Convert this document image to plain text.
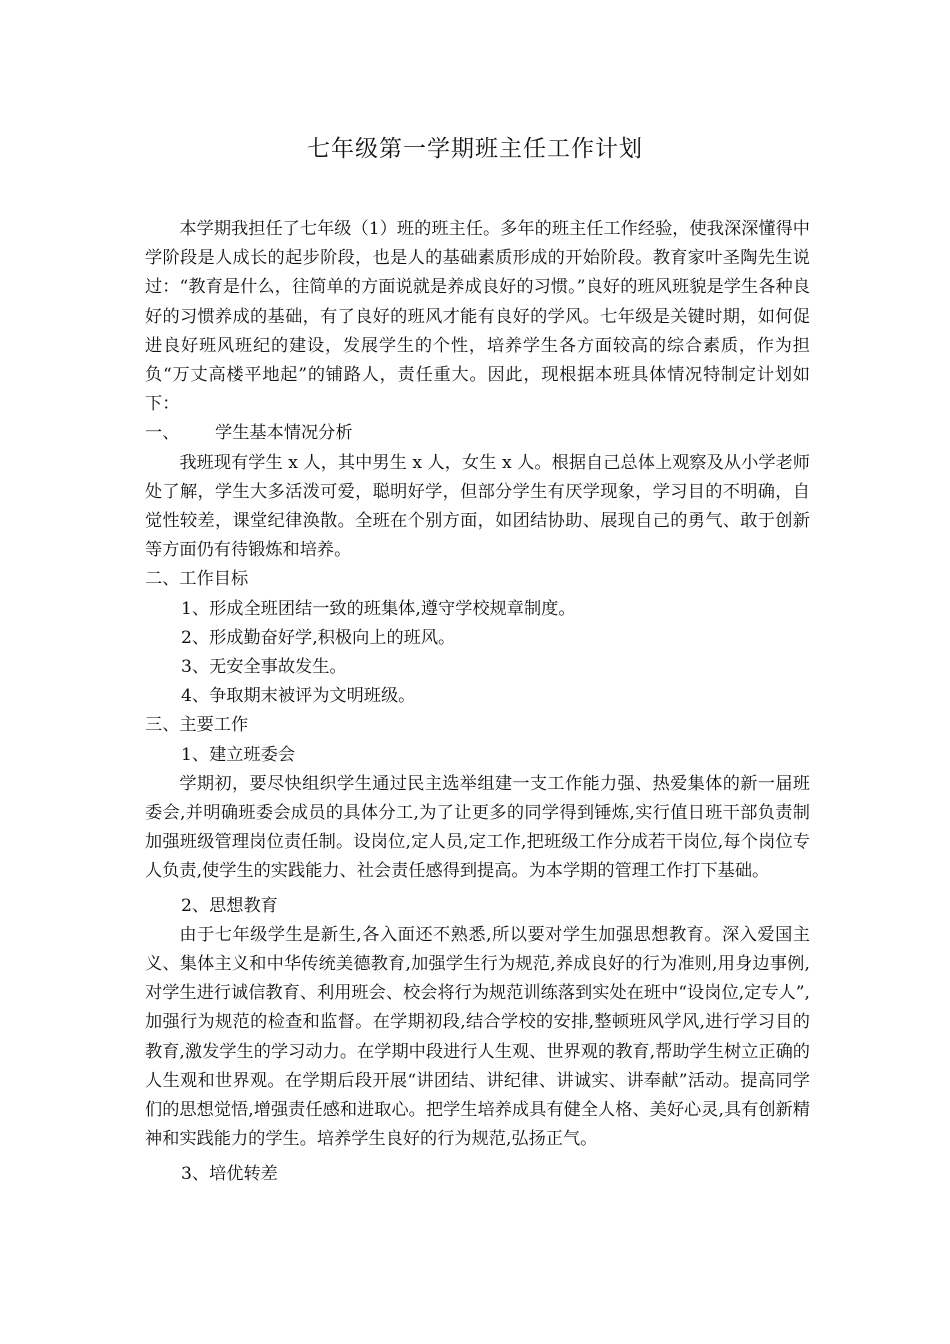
七年级第一学期班主任工作计划

本学期我担任了七年级（1）班的班主任。多年的班主任工作经验，使我深深懂得中学阶段是人成长的起步阶段，也是人的基础素质形成的开始阶段。教育家叶圣陶先生说过：“教育是什么，往简单的方面说就是养成良好的习惯。”良好的班风班貌是学生各种良好的习惯养成的基础，有了良好的班风才能有良好的学风。七年级是关键时期，如何促进良好班风班纪的建设，发展学生的个性，培养学生各方面较高的综合素质，作为担负“万丈高楼平地起”的铺路人，责任重大。因此，现根据本班具体情况特制定计划如下：

一、 学生基本情况分析

我班现有学生 x 人，其中男生 x 人，女生 x 人。根据自己总体上观察及从小学老师处了解，学生大多活泼可爱，聪明好学，但部分学生有厌学现象，学习目的不明确，自觉性较差，课堂纪律涣散。全班在个别方面，如团结协助、展现自己的勇气、敢于创新等方面仍有待锻炼和培养。

二、工作目标

1、形成全班团结一致的班集体,遵守学校规章制度。

2、形成勤奋好学,积极向上的班风。

3、无安全事故发生。

4、争取期末被评为文明班级。

三、主要工作

1、建立班委会

学期初，要尽快组织学生通过民主选举组建一支工作能力强、热爱集体的新一届班委会,并明确班委会成员的具体分工,为了让更多的同学得到锤炼,实行值日班干部负责制加强班级管理岗位责任制。设岗位,定人员,定工作,把班级工作分成若干岗位,每个岗位专人负责,使学生的实践能力、社会责任感得到提高。为本学期的管理工作打下基础。

2、思想教育

由于七年级学生是新生,各入面还不熟悉,所以要对学生加强思想教育。深入爱国主义、集体主义和中华传统美德教育,加强学生行为规范,养成良好的行为准则,用身边事例,对学生进行诚信教育、利用班会、校会将行为规范训练落到实处在班中“设岗位,定专人”,加强行为规范的检查和监督。在学期初段,结合学校的安排,整顿班风学风,进行学习目的教育,激发学生的学习动力。在学期中段进行人生观、世界观的教育,帮助学生树立正确的人生观和世界观。在学期后段开展“讲团结、讲纪律、讲诚实、讲奉献”活动。提高同学们的思想觉悟,增强责任感和进取心。把学生培养成具有健全人格、美好心灵,具有创新精神和实践能力的学生。培养学生良好的行为规范,弘扬正气。

3、培优转差
